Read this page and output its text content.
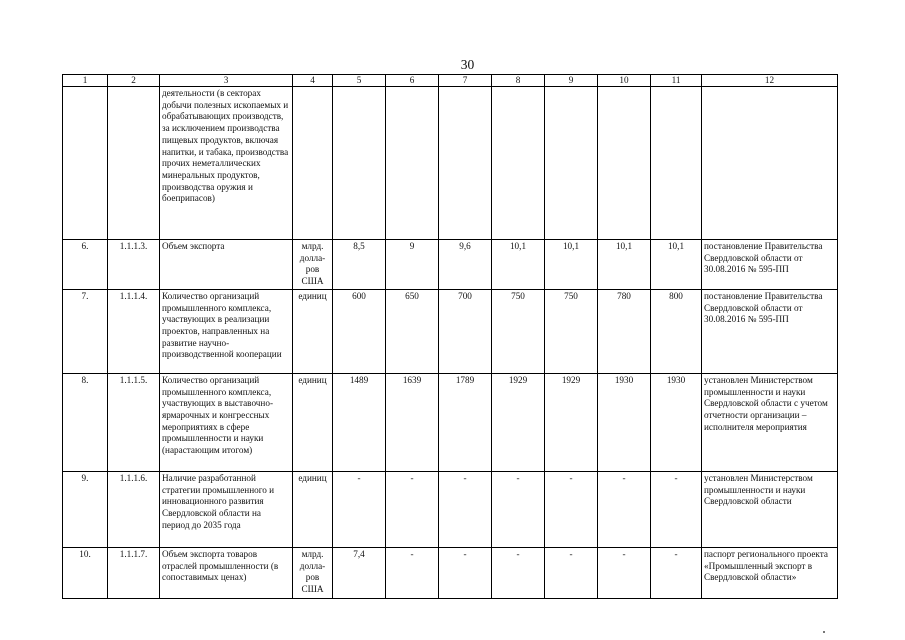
30
1	2	3	4	5	6	7	8	9	10	11	12
		деятельности (в секторах добычи полезных ископаемых и обрабатывающих производств, за исключением производства пищевых продуктов, включая напитки, и табака, производства прочих неметаллических минеральных продуктов, производства оружия и боеприпасов)									
6.	1.1.1.3.	Объем экспорта	млрд. долла-ров США	8,5	9	9,6	10,1	10,1	10,1	10,1	постановление Правительства Свердловской области от 30.08.2016 № 595-ПП
7.	1.1.1.4.	Количество организаций промышленного комплекса, участвующих в реализации проектов, направленных на развитие научно-производственной кооперации	единиц	600	650	700	750	750	780	800	постановление Правительства Свердловской области от 30.08.2016 № 595-ПП
8.	1.1.1.5.	Количество организаций промышленного комплекса, участвующих в выставочно-ярмарочных и конгрессных мероприятиях в сфере промышленности и науки (нарастающим итогом)	единиц	1489	1639	1789	1929	1929	1930	1930	установлен Министерством промышленности и науки Свердловской области с учетом отчетности организации – исполнителя мероприятия
9.	1.1.1.6.	Наличие разработанной стратегии промышленного и инновационного развития Свердловской области на период до 2035 года	единиц	-	-	-	-	-	-	-	установлен Министерством промышленности и науки Свердловской области
10.	1.1.1.7.	Объем экспорта товаров отраслей промышленности (в сопоставимых ценах)	млрд. долла-ров США	7,4	-	-	-	-	-	-	паспорт регионального проекта «Промышленный экспорт в Свердловской области»
